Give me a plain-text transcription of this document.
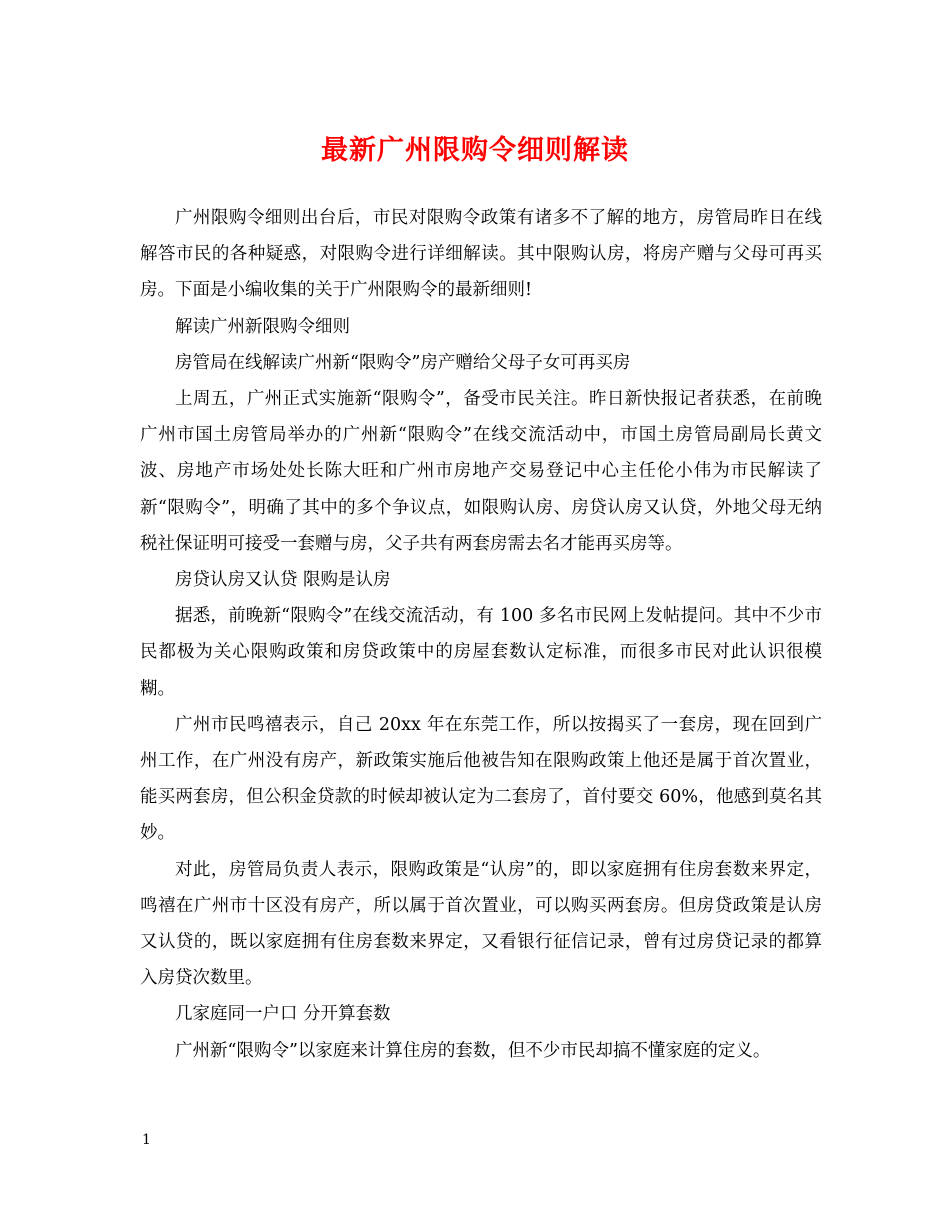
最新广州限购令细则解读

广州限购令细则出台后，市民对限购令政策有诸多不了解的地方，房管局昨日在线解答市民的各种疑惑，对限购令进行详细解读。其中限购认房，将房产赠与父母可再买房。下面是小编收集的关于广州限购令的最新细则!

解读广州新限购令细则

房管局在线解读广州新“限购令”房产赠给父母子女可再买房

上周五，广州正式实施新“限购令”，备受市民关注。昨日新快报记者获悉，在前晚广州市国土房管局举办的广州新“限购令”在线交流活动中，市国土房管局副局长黄文波、房地产市场处处长陈大旺和广州市房地产交易登记中心主任伦小伟为市民解读了新“限购令”，明确了其中的多个争议点，如限购认房、房贷认房又认贷，外地父母无纳税社保证明可接受一套赠与房，父子共有两套房需去名才能再买房等。

房贷认房又认贷 限购是认房

据悉，前晚新“限购令”在线交流活动，有 100 多名市民网上发帖提问。其中不少市民都极为关心限购政策和房贷政策中的房屋套数认定标准，而很多市民对此认识很模糊。

广州市民鸣禧表示，自己 20xx 年在东莞工作，所以按揭买了一套房，现在回到广州工作，在广州没有房产，新政策实施后他被告知在限购政策上他还是属于首次置业，能买两套房，但公积金贷款的时候却被认定为二套房了，首付要交 60%，他感到莫名其妙。

对此，房管局负责人表示，限购政策是“认房”的，即以家庭拥有住房套数来界定，鸣禧在广州市十区没有房产，所以属于首次置业，可以购买两套房。但房贷政策是认房又认贷的，既以家庭拥有住房套数来界定，又看银行征信记录，曾有过房贷记录的都算入房贷次数里。

几家庭同一户口 分开算套数

广州新“限购令”以家庭来计算住房的套数，但不少市民却搞不懂家庭的定义。

1
